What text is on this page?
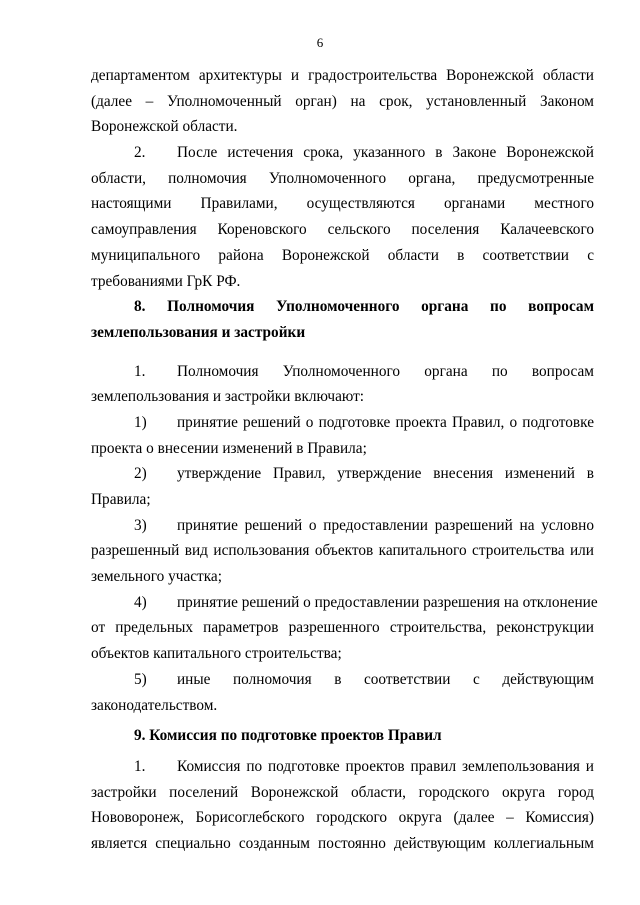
6
департаментом архитектуры и градостроительства Воронежской области
(далее – Уполномоченный орган) на срок, установленный Законом
Воронежской области.
2. После истечения срока, указанного в Законе Воронежской
области, полномочия Уполномоченного органа, предусмотренные
настоящими Правилами, осуществляются органами местного
самоуправления Кореновского сельского поселения Калачеевского
муниципального района Воронежской области в соответствии с
требованиями ГрК РФ.
8. Полномочия Уполномоченного органа по вопросам
землепользования и застройки
1. Полномочия Уполномоченного органа по вопросам
землепользования и застройки включают:
1) принятие решений о подготовке проекта Правил, о подготовке
проекта о внесении изменений в Правила;
2) утверждение Правил, утверждение внесения изменений в
Правила;
3) принятие решений о предоставлении разрешений на условно
разрешенный вид использования объектов капитального строительства или
земельного участка;
4) принятие решений о предоставлении разрешения на отклонение
от предельных параметров разрешенного строительства, реконструкции
объектов капитального строительства;
5) иные полномочия в соответствии с действующим
законодательством.
9. Комиссия по подготовке проектов Правил
1. Комиссия по подготовке проектов правил землепользования и
застройки поселений Воронежской области, городского округа город
Нововоронеж, Борисоглебского городского округа (далее – Комиссия)
является специально созданным постоянно действующим коллегиальным
